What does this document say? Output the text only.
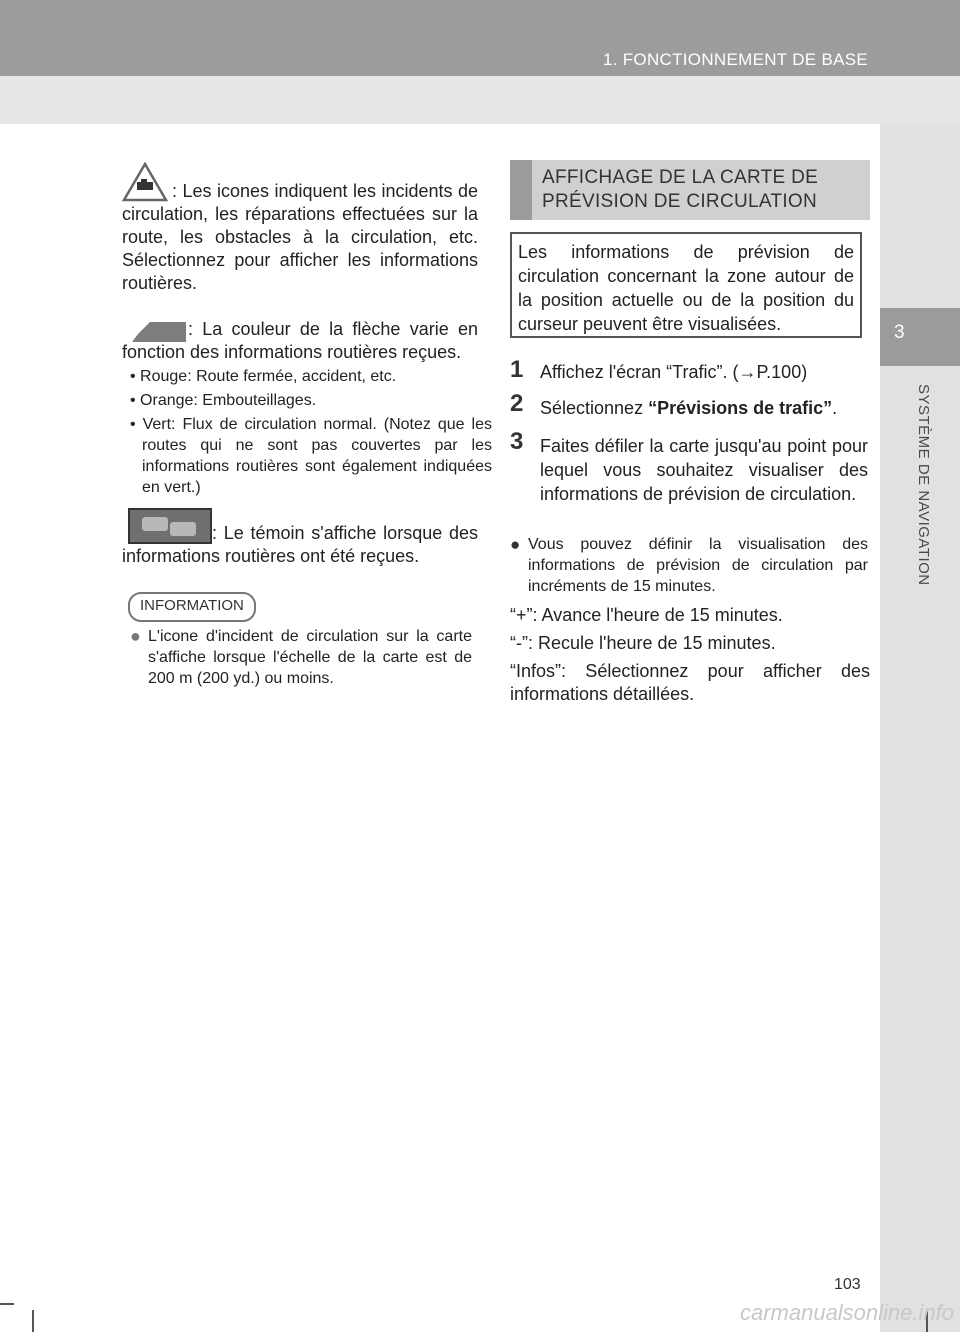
1. FONCTIONNEMENT DE BASE
3
SYSTÈME DE NAVIGATION
: Les icones indiquent les incidents de circulation, les réparations effectuées sur la route, les obstacles à la circulation, etc. Sélectionnez pour afficher les informations routières.
: La couleur de la flèche varie en fonction des informations routières reçues.
• Rouge: Route fermée, accident, etc.
• Orange: Embouteillages.
• Vert: Flux de circulation normal. (Notez que les routes qui ne sont pas couvertes par les informations routières sont également indiquées en vert.)
: Le témoin s'affiche lorsque des informations routières ont été reçues.
INFORMATION
● L'icone d'incident de circulation sur la carte s'affiche lorsque l'échelle de la carte est de 200 m (200 yd.) ou moins.
AFFICHAGE DE LA CARTE DE PRÉVISION DE CIRCULATION
Les informations de prévision de circulation concernant la zone autour de la position actuelle ou de la position du curseur peuvent être visualisées.
1 Affichez l'écran “Trafic”. (→P.100)
2 Sélectionnez “Prévisions de trafic”.
3 Faites défiler la carte jusqu'au point pour lequel vous souhaitez visualiser des informations de prévision de circulation.
● Vous pouvez définir la visualisation des informations de prévision de circulation par incréments de 15 minutes.
“+”: Avance l'heure de 15 minutes.
“-”: Recule l'heure de 15 minutes.
“Infos”: Sélectionnez pour afficher des informations détaillées.
103
carmanualsonline.info
